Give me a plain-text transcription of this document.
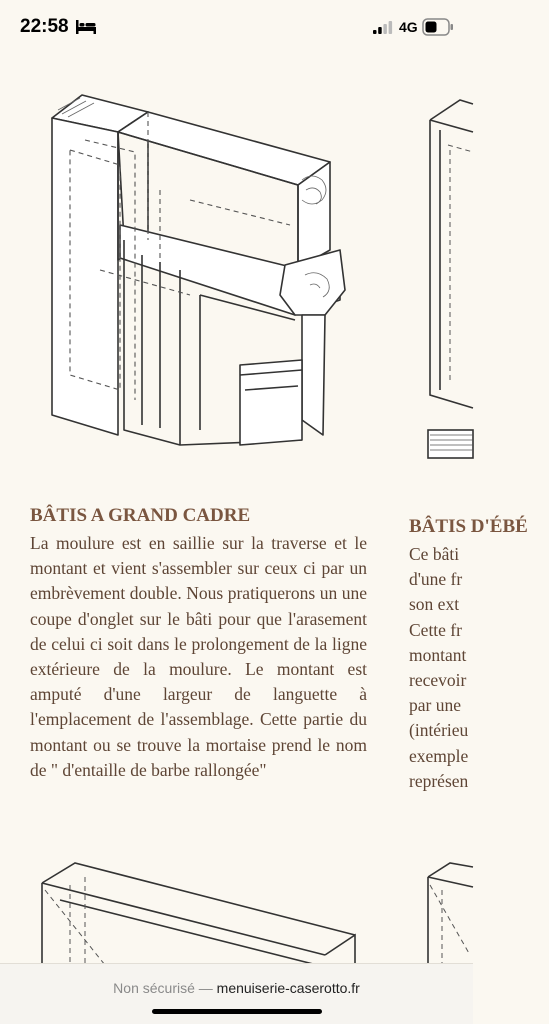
22:58	4G
BÂTIS A GRAND CADRE

La moulure est en saillie sur la traverse et le montant et vient s'assembler sur ceux ci par un embrèvement double. Nous pratiquerons un une coupe d'onglet sur le bâti pour que l'arasement de celui ci soit dans le prolongement de la ligne extérieure de la moulure. Le montant est amputé d'une largeur de languette à l'emplacement de l'assemblage. Cette partie du montant ou se trouve la mortaise prend le nom de " d'entaille de barbe rallongée"

BÂTIS D'ÉBÉ
Ce bâti
d'une fr
son ext
Cette fr
montant
recevoir
par une
(intérieu
exemple
représen
Non sécurisé — menuiserie-caserotto.fr
